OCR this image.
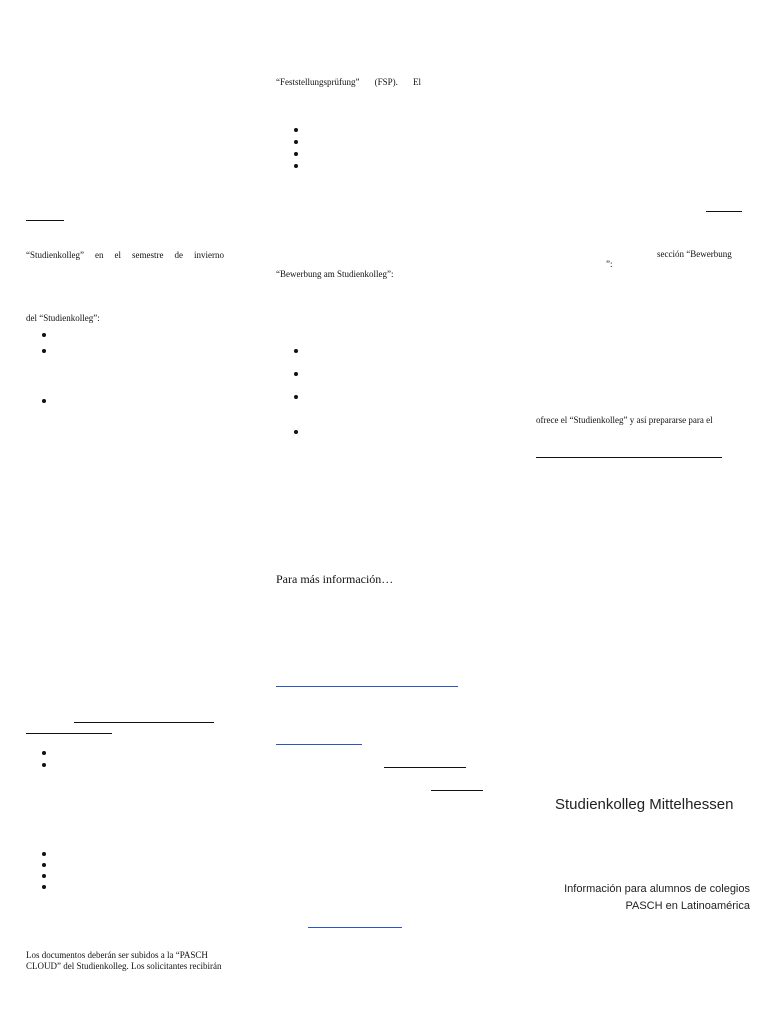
“Studienkolleg” en el semestre de invierno
del “Studienkolleg”:
Los documentos deberán ser subidos a la “PASCH
CLOUD” del Studienkolleg. Los solicitantes recibirán
“Feststellungsprüfung” (FSP). El
“Bewerbung am Studienkolleg”:
Para más información…
sección “Bewerbung
”:
ofrece el “Studienkolleg” y así prepararse para el
Studienkolleg Mittelhessen
Información para alumnos de colegios
PASCH en Latinoamérica
